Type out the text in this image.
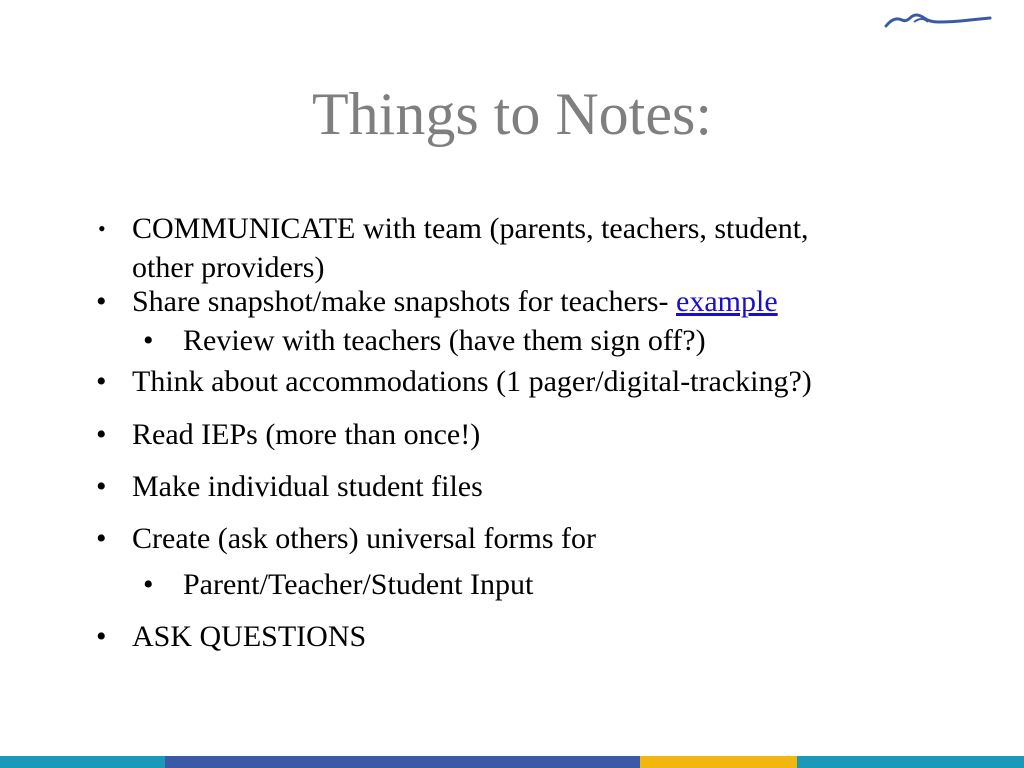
Things to Notes:
• COMMUNICATE with team (parents, teachers, student,
other providers)
• Share snapshot/make snapshots for teachers- example
• Review with teachers (have them sign off?)
• Think about accommodations (1 pager/digital-tracking?)
• Read IEPs (more than once!)
• Make individual student files
• Create (ask others) universal forms for
• Parent/Teacher/Student Input
• ASK QUESTIONS
